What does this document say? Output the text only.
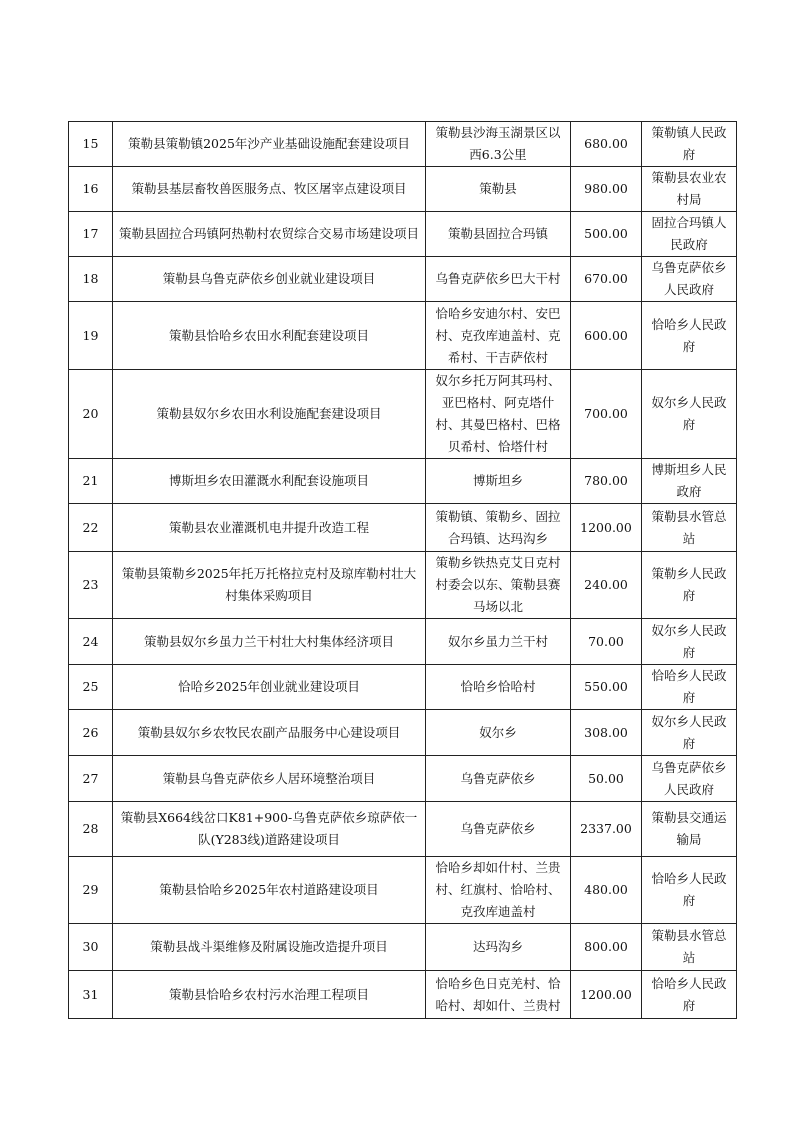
15	策勒县策勒镇2025年沙产业基础设施配套建设项目	策勒县沙海玉湖景区以西6.3公里	680.00	策勒镇人民政府
16	策勒县基层畜牧兽医服务点、牧区屠宰点建设项目	策勒县	980.00	策勒县农业农村局
17	策勒县固拉合玛镇阿热勒村农贸综合交易市场建设项目	策勒县固拉合玛镇	500.00	固拉合玛镇人民政府
18	策勒县乌鲁克萨依乡创业就业建设项目	乌鲁克萨依乡巴大干村	670.00	乌鲁克萨依乡人民政府
19	策勒县恰哈乡农田水利配套建设项目	恰哈乡安迪尔村、安巴村、克孜库迪盖村、克希村、干吉萨依村	600.00	恰哈乡人民政府
20	策勒县奴尔乡农田水利设施配套建设项目	奴尔乡托万阿其玛村、亚巴格村、阿克塔什村、其曼巴格村、巴格贝希村、恰塔什村	700.00	奴尔乡人民政府
21	博斯坦乡农田灌溉水利配套设施项目	博斯坦乡	780.00	博斯坦乡人民政府
22	策勒县农业灌溉机电井提升改造工程	策勒镇、策勒乡、固拉合玛镇、达玛沟乡	1200.00	策勒县水管总站
23	策勒县策勒乡2025年托万托格拉克村及琼库勒村壮大村集体采购项目	策勒乡铁热克艾日克村村委会以东、策勒县赛马场以北	240.00	策勒乡人民政府
24	策勒县奴尔乡虽力兰干村壮大村集体经济项目	奴尔乡虽力兰干村	70.00	奴尔乡人民政府
25	恰哈乡2025年创业就业建设项目	恰哈乡恰哈村	550.00	恰哈乡人民政府
26	策勒县奴尔乡农牧民农副产品服务中心建设项目	奴尔乡	308.00	奴尔乡人民政府
27	策勒县乌鲁克萨依乡人居环境整治项目	乌鲁克萨依乡	50.00	乌鲁克萨依乡人民政府
28	策勒县X664线岔口K81+900-乌鲁克萨依乡琼萨依一队(Y283线)道路建设项目	乌鲁克萨依乡	2337.00	策勒县交通运输局
29	策勒县恰哈乡2025年农村道路建设项目	恰哈乡却如什村、兰贵村、红旗村、恰哈村、克孜库迪盖村	480.00	恰哈乡人民政府
30	策勒县战斗渠维修及附属设施改造提升项目	达玛沟乡	800.00	策勒县水管总站
31	策勒县恰哈乡农村污水治理工程项目	恰哈乡色日克羌村、恰哈村、却如什、兰贵村	1200.00	恰哈乡人民政府
